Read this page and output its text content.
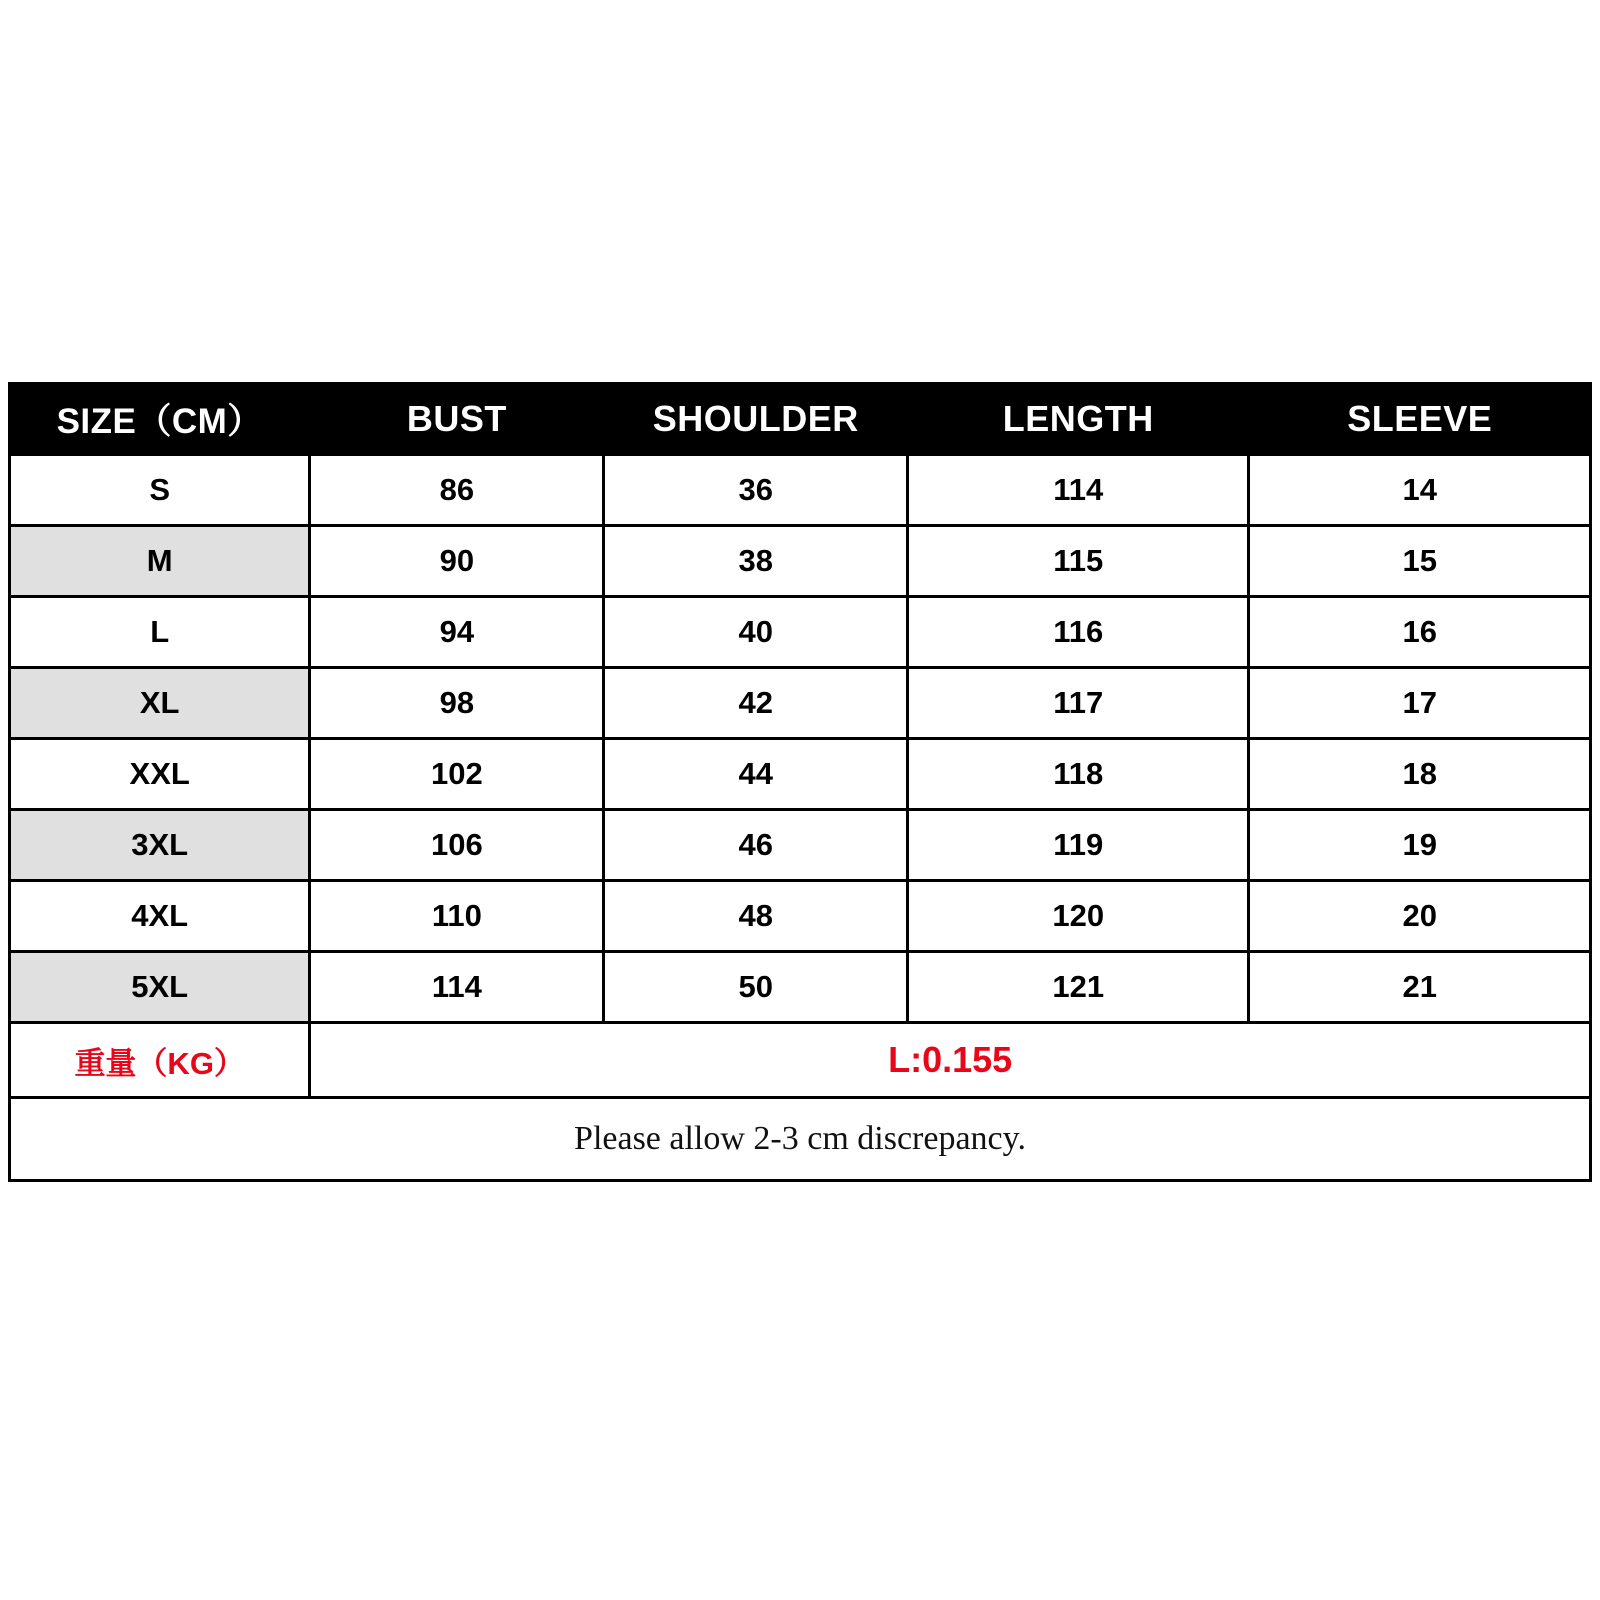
SIZE（CM）	BUST	SHOULDER	LENGTH	SLEEVE
S	86	36	114	14
M	90	38	115	15
L	94	40	116	16
XL	98	42	117	17
XXL	102	44	118	18
3XL	106	46	119	19
4XL	110	48	120	20
5XL	114	50	121	21
重量（KG）	L:0.155			
Please allow 2-3 cm discrepancy.				
